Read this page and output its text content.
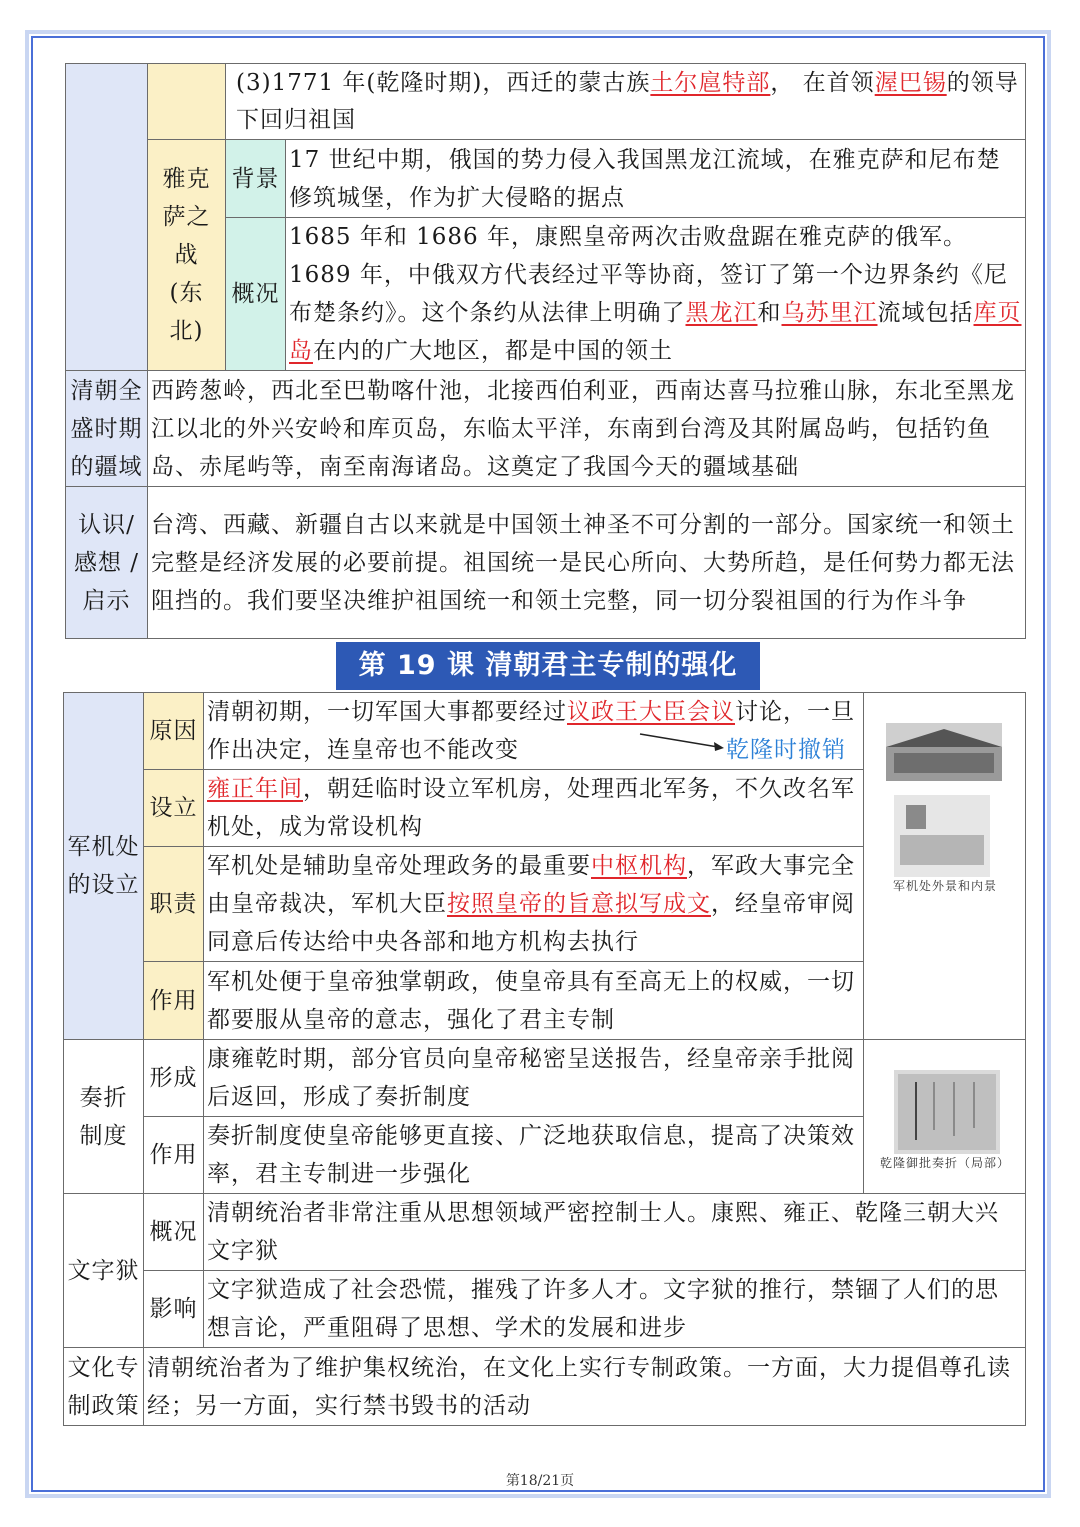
		(3)1771 年(乾隆时期)，西迁的蒙古族土尔扈特部， 在首领渥巴锡的领导下回归祖国	

	雅克萨之战(东北)	背景	17 世纪中期，俄国的势力侵入我国黑龙江流域，在雅克萨和尼布楚修筑城堡，作为扩大侵略的据点
		概况	1685 年和 1686 年，康熙皇帝两次击败盘踞在雅克萨的俄军。1689 年，中俄双方代表经过平等协商，签订了第一个边界条约《尼布楚条约》。这个条约从法律上明确了黑龙江和乌苏里江流域包括库页岛在内的广大地区，都是中国的领土
清朝全盛时期的疆域	西跨葱岭，西北至巴勒喀什池，北接西伯利亚，西南达喜马拉雅山脉，东北至黑龙江以北的外兴安岭和库页岛，东临太平洋，东南到台湾及其附属岛屿，包括钓鱼岛、赤尾屿等，南至南海诸岛。这奠定了我国今天的疆域基础		
认识/感想 /启示	台湾、西藏、新疆自古以来就是中国领土神圣不可分割的一部分。国家统一和领土完整是经济发展的必要前提。祖国统一是民心所向、大势所趋，是任何势力都无法阻挡的。我们要坚决维护祖国统一和领土完整，同一切分裂祖国的行为作斗争		
第 19 课 清朝君主专制的强化
军机处的设立	原因	清朝初期，一切军国大事都要经过议政王大臣会议讨论，一旦作出决定，连皇帝也不能改变 乾隆时撤销	军机处外景和内景

	设立	雍正年间，朝廷临时设立军机房，处理西北军务，不久改名军机处，成为常设机构	
	职责	军机处是辅助皇帝处理政务的最重要中枢机构，军政大事完全由皇帝裁决，军机大臣按照皇帝的旨意拟写成文，经皇帝审阅同意后传达给中央各部和地方机构去执行	
	作用	军机处便于皇帝独掌朝政，使皇帝具有至高无上的权威，一切都要服从皇帝的意志，强化了君主专制	
奏折制度	形成	康雍乾时期，部分官员向皇帝秘密呈送报告，经皇帝亲手批阅后返回，形成了奏折制度	乾隆御批奏折（局部）

	作用	奏折制度使皇帝能够更直接、广泛地获取信息，提高了决策效率，君主专制进一步强化	
文字狱	概况	清朝统治者非常注重从思想领域严密控制士人。康熙、雍正、乾隆三朝大兴文字狱	
	影响	文字狱造成了社会恐慌，摧残了许多人才。文字狱的推行，禁锢了人们的思想言论，严重阻碍了思想、学术的发展和进步	
文化专制政策	清朝统治者为了维护集权统治，在文化上实行专制政策。一方面，大力提倡尊孔读经；另一方面，实行禁书毁书的活动		
第18/21页
